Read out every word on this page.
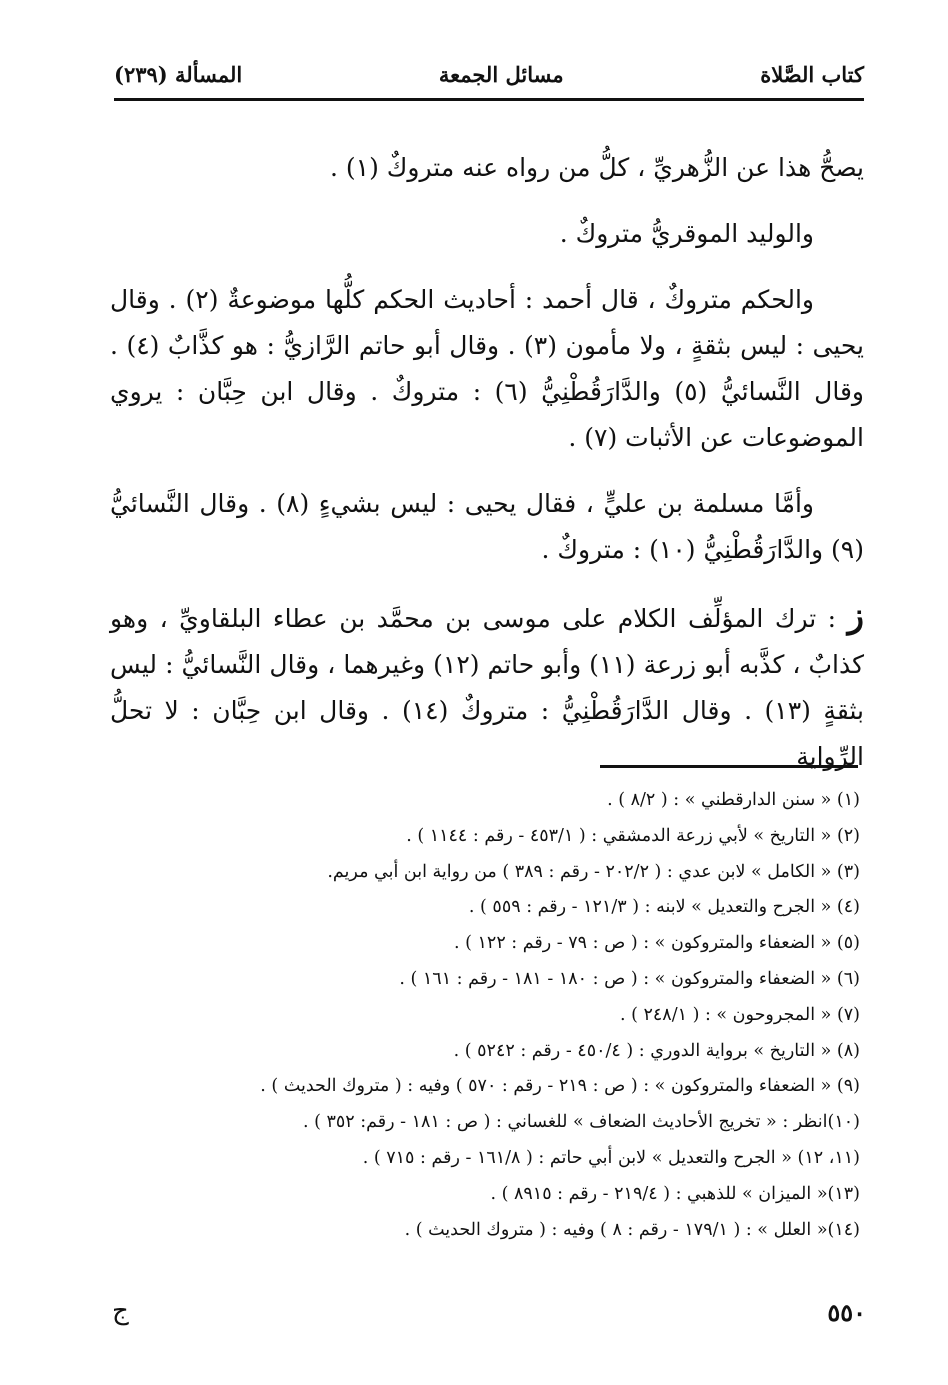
كتاب الصَّلاة
مسائل الجمعة
المسألة (٢٣٩)

يصحُّ هذا عن الزُّهريِّ ، كلُّ من رواه عنه متروكٌ (١) .

والوليد الموقريُّ متروكٌ .

والحكم متروكٌ ، قال أحمد : أحاديث الحكم كلُّها موضوعةٌ (٢) . وقال يحيى : ليس بثقةٍ ، ولا مأمون (٣) . وقال أبو حاتم الرَّازيُّ : هو كذَّابٌ (٤) . وقال النَّسائيُّ (٥) والدَّارَقُطْنِيُّ (٦) : متروكٌ . وقال ابن حِبَّان : يروي الموضوعات عن الأثبات (٧) .

وأمَّا مسلمة بن عليٍّ ، فقال يحيى : ليس بشيءٍ (٨) . وقال النَّسائيُّ (٩) والدَّارَقُطْنِيُّ (١٠) : متروكٌ .

ز : ترك المؤلِّف الكلام على موسى بن محمَّد بن عطاء البلقاويِّ ، وهو كذابٌ ، كذَّبه أبو زرعة (١١) وأبو حاتم (١٢) وغيرهما ، وقال النَّسائيُّ : ليس بثقةٍ (١٣) . وقال الدَّارَقُطْنِيُّ : متروكٌ (١٤) . وقال ابن حِبَّان : لا تحلُّ الرِّواية

(١) « سنن الدارقطني » : ( ٨/٢ ) .
(٢) « التاريخ » لأبي زرعة الدمشقي : ( ٤٥٣/١ - رقم : ١١٤٤ ) .
(٣) « الكامل » لابن عدي : ( ٢٠٢/٢ - رقم : ٣٨٩ ) من رواية ابن أبي مريم.
(٤) « الجرح والتعديل » لابنه : ( ١٢١/٣ - رقم : ٥٥٩ ) .
(٥) « الضعفاء والمتروكون » : ( ص : ٧٩ - رقم : ١٢٢ ) .
(٦) « الضعفاء والمتروكون » : ( ص : ١٨٠ - ١٨١ - رقم : ١٦١ ) .
(٧) « المجروحون » : ( ٢٤٨/١ ) .
(٨) « التاريخ » برواية الدوري : ( ٤٥٠/٤ - رقم : ٥٢٤٢ ) .
(٩) « الضعفاء والمتروكون » : ( ص : ٢١٩ - رقم : ٥٧٠ ) وفيه : ( متروك الحديث ) .
(١٠)انظر : « تخريج الأحاديث الضعاف » للغساني : ( ص : ١٨١ - رقم: ٣٥٢ ) .
(١١، ١٢) « الجرح والتعديل » لابن أبي حاتم : ( ١٦١/٨ - رقم : ٧١٥ ) .
(١٣)« الميزان » للذهبي : ( ٢١٩/٤ - رقم : ٨٩١٥ ) .
(١٤)« العلل » : ( ١٧٩/١ - رقم : ٨ ) وفيه : ( متروك الحديث ) .
٥٥٠
ج
